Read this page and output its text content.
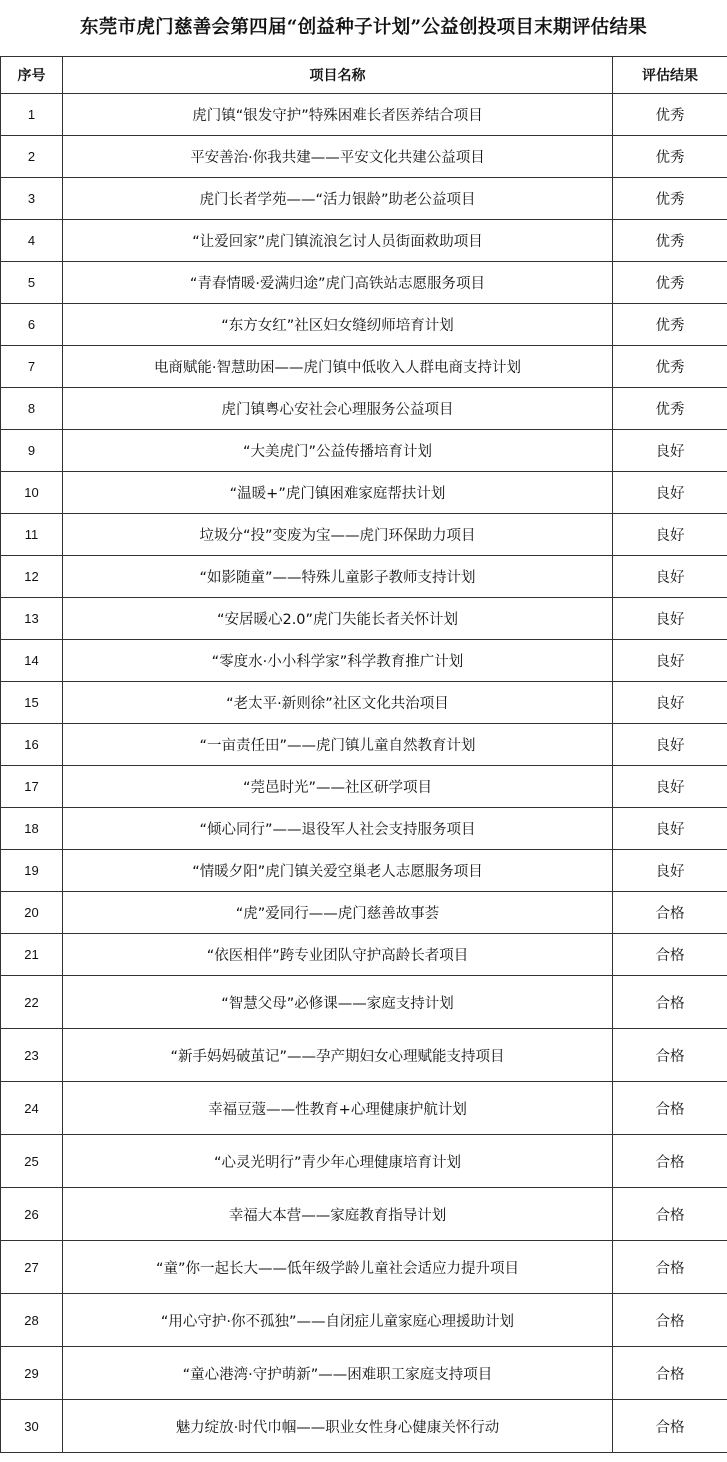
东莞市虎门慈善会第四届“创益种子计划”公益创投项目末期评估结果
序号	项目名称	评估结果
1	虎门镇“银发守护”特殊困难长者医养结合项目	优秀
2	平安善治·你我共建——平安文化共建公益项目	优秀
3	虎门长者学苑——“活力银龄”助老公益项目	优秀
4	“让爱回家”虎门镇流浪乞讨人员街面救助项目	优秀
5	“青春情暖·爱满归途”虎门高铁站志愿服务项目	优秀
6	“东方女红”社区妇女缝纫师培育计划	优秀
7	电商赋能·智慧助困——虎门镇中低收入人群电商支持计划	优秀
8	虎门镇粤心安社会心理服务公益项目	优秀
9	“大美虎门”公益传播培育计划	良好
10	“温暖+”虎门镇困难家庭帮扶计划	良好
11	垃圾分“投”变废为宝——虎门环保助力项目	良好
12	“如影随童”——特殊儿童影子教师支持计划	良好
13	“安居暖心2.0”虎门失能长者关怀计划	良好
14	“零度水·小小科学家”科学教育推广计划	良好
15	“老太平·新则徐”社区文化共治项目	良好
16	“一亩责任田”——虎门镇儿童自然教育计划	良好
17	“莞邑时光”——社区研学项目	良好
18	“倾心同行”——退役军人社会支持服务项目	良好
19	“情暖夕阳”虎门镇关爱空巢老人志愿服务项目	良好
20	“虎”爱同行——虎门慈善故事荟	合格
21	“依医相伴”跨专业团队守护高龄长者项目	合格
22	“智慧父母”必修课——家庭支持计划	合格
23	“新手妈妈破茧记”——孕产期妇女心理赋能支持项目	合格
24	幸福豆蔻——性教育+心理健康护航计划	合格
25	“心灵光明行”青少年心理健康培育计划	合格
26	幸福大本营——家庭教育指导计划	合格
27	“童”你一起长大——低年级学龄儿童社会适应力提升项目	合格
28	“用心守护·你不孤独”——自闭症儿童家庭心理援助计划	合格
29	“童心港湾·守护萌新”——困难职工家庭支持项目	合格
30	魅力绽放·时代巾帼——职业女性身心健康关怀行动	合格
